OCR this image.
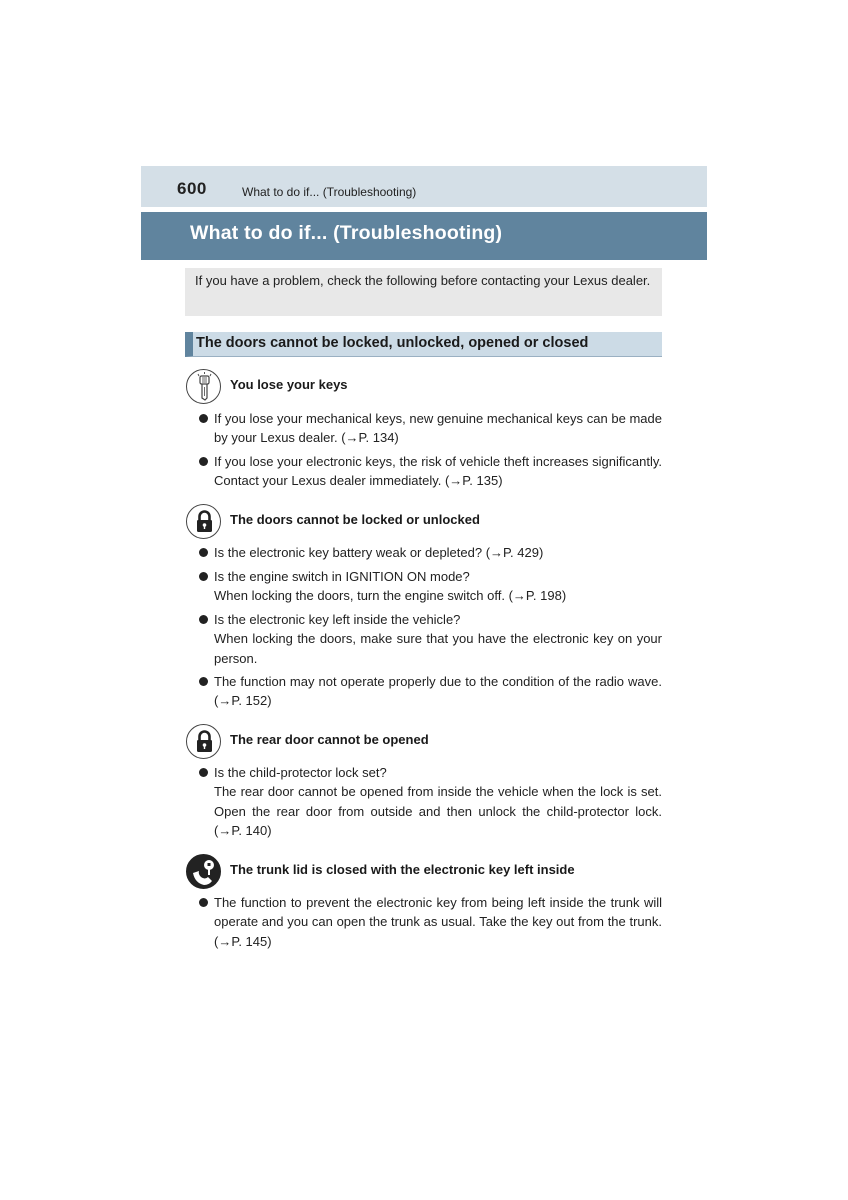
600	What to do if... (Troubleshooting)
What to do if... (Troubleshooting)
If you have a problem, check the following before contacting your Lexus dealer.
The doors cannot be locked, unlocked, opened or closed
You lose your keys

If you lose your mechanical keys, new genuine mechanical keys can be made by your Lexus dealer. (→P. 134)

If you lose your electronic keys, the risk of vehicle theft increases significantly. Contact your Lexus dealer immediately. (→P. 135)

The doors cannot be locked or unlocked

Is the electronic key battery weak or depleted? (→P. 429)

Is the engine switch in IGNITION ON mode?

When locking the doors, turn the engine switch off. (→P. 198)

Is the electronic key left inside the vehicle?

When locking the doors, make sure that you have the electronic key on your person.

The function may not operate properly due to the condition of the radio wave. (→P. 152)

The rear door cannot be opened

Is the child-protector lock set?

The rear door cannot be opened from inside the vehicle when the lock is set. Open the rear door from outside and then unlock the child-protector lock. (→P. 140)

The trunk lid is closed with the electronic key left inside

The function to prevent the electronic key from being left inside the trunk will operate and you can open the trunk as usual. Take the key out from the trunk. (→P. 145)
